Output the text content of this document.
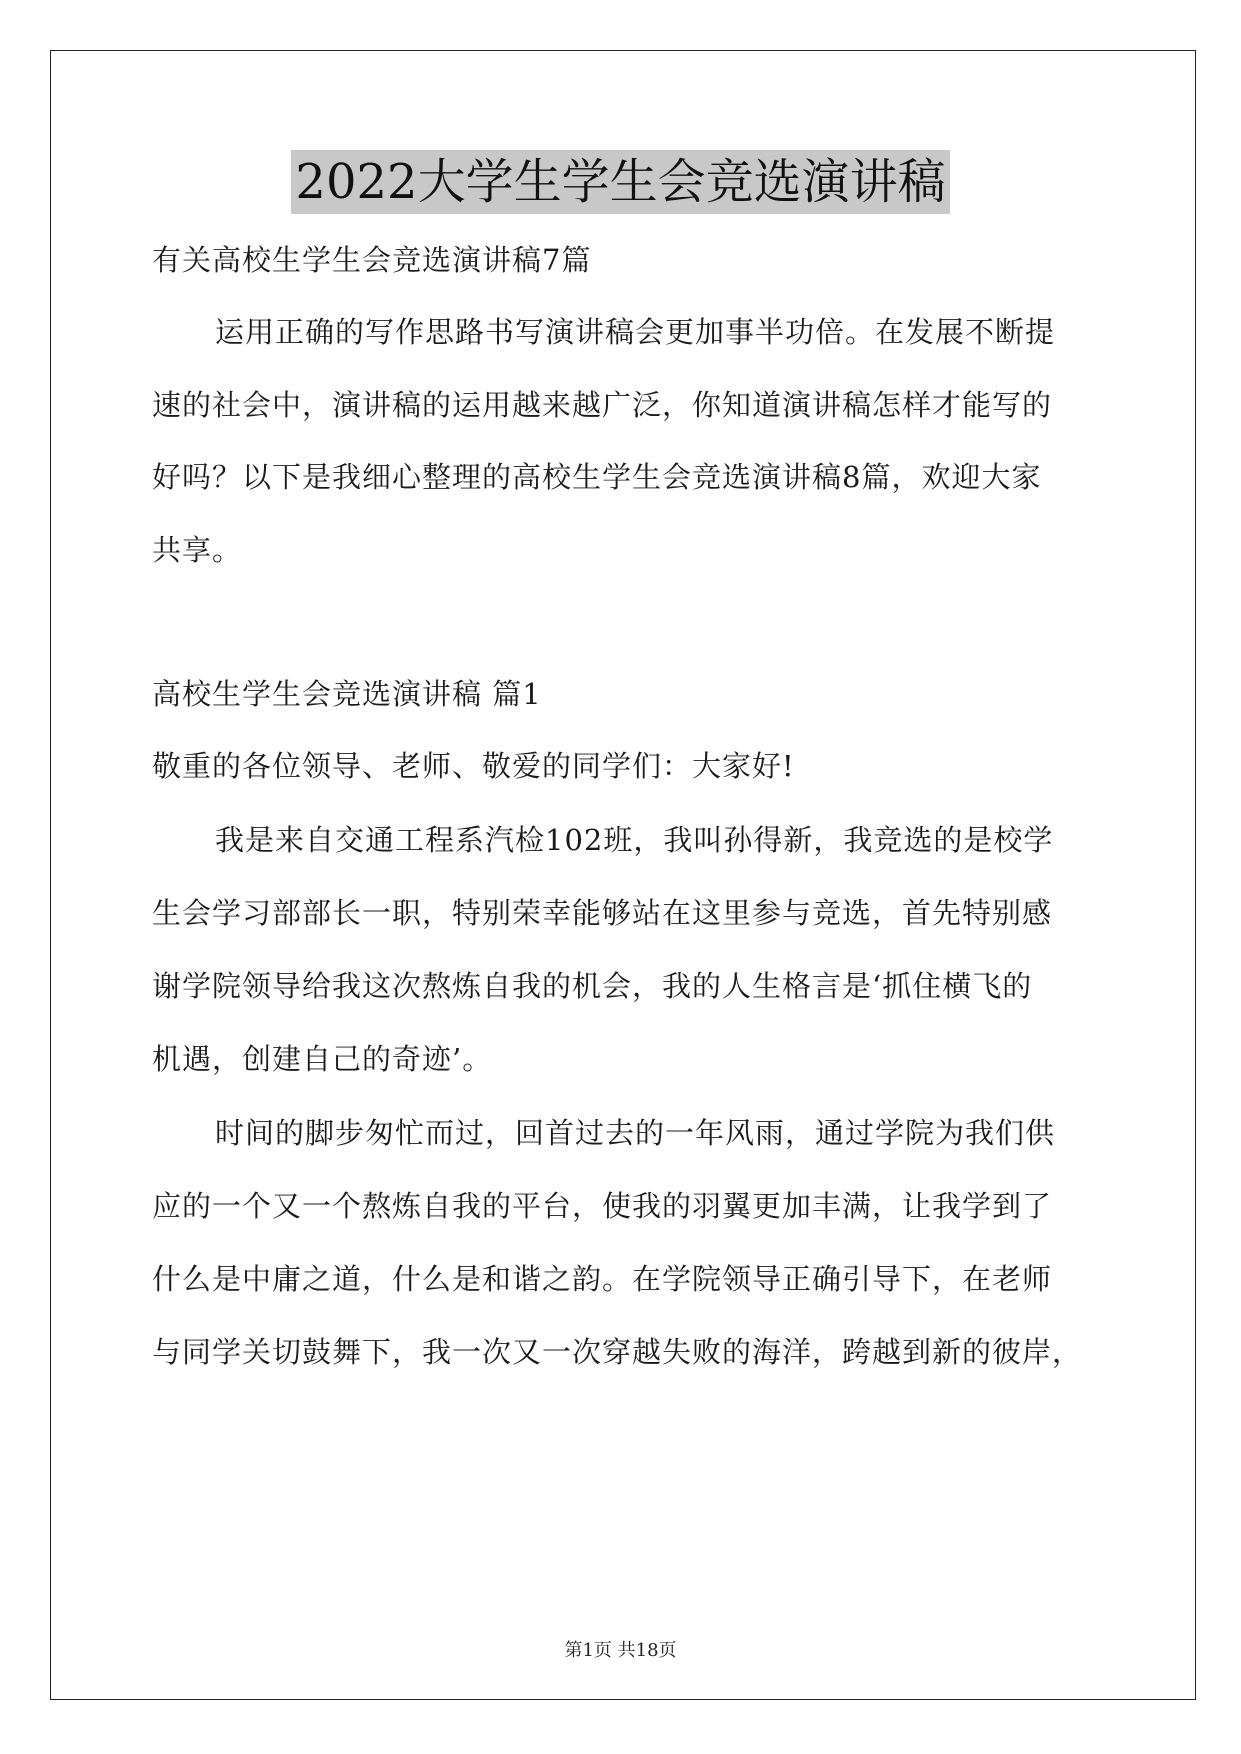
2022大学生学生会竞选演讲稿
有关高校生学生会竞选演讲稿7篇
运用正确的写作思路书写演讲稿会更加事半功倍。在发展不断提
速的社会中，演讲稿的运用越来越广泛，你知道演讲稿怎样才能写的
好吗？以下是我细心整理的高校生学生会竞选演讲稿8篇，欢迎大家
共享。
高校生学生会竞选演讲稿 篇1
敬重的各位领导、老师、敬爱的同学们：大家好!
我是来自交通工程系汽检102班，我叫孙得新，我竞选的是校学
生会学习部部长一职，特别荣幸能够站在这里参与竞选，首先特别感
谢学院领导给我这次熬炼自我的机会，我的人生格言是‘抓住横飞的
机遇，创建自己的奇迹’。
时间的脚步匆忙而过，回首过去的一年风雨，通过学院为我们供
应的一个又一个熬炼自我的平台，使我的羽翼更加丰满，让我学到了
什么是中庸之道，什么是和谐之韵。在学院领导正确引导下，在老师
与同学关切鼓舞下，我一次又一次穿越失败的海洋，跨越到新的彼岸，
第1页 共18页
